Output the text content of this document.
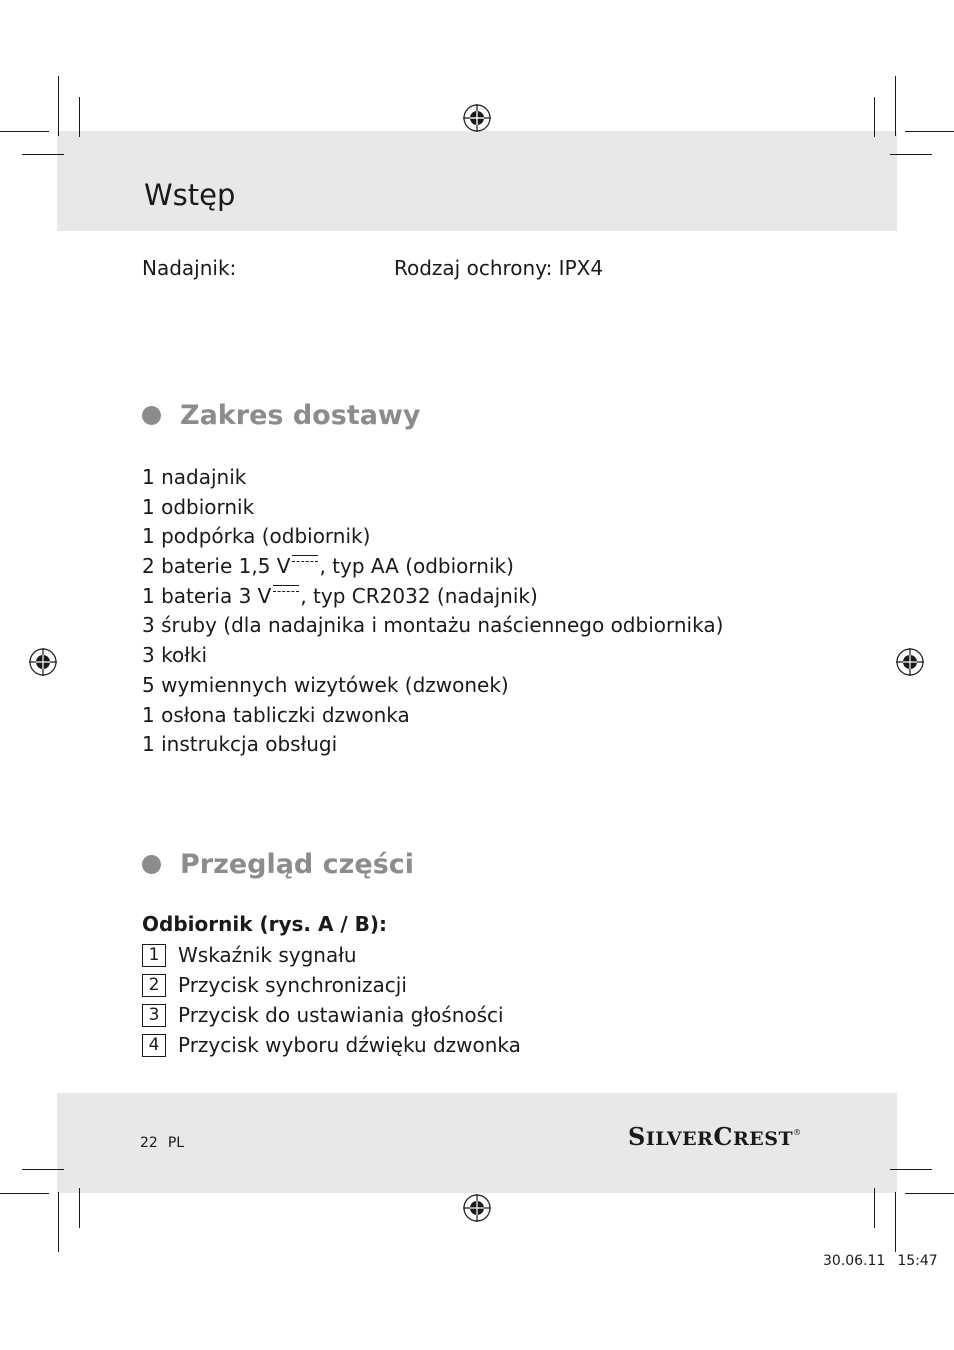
Wstęp
Nadajnik:	Rodzaj ochrony: IPX4
Zakres dostawy
1 nadajnik
1 odbiornik
1 podpórka (odbiornik)
2 baterie 1,5 V , typ AA (odbiornik)
1 bateria 3 V , typ CR2032 (nadajnik)
3 śruby (dla nadajnika i montażu naściennego odbiornika)
3 kołki
5 wymiennych wizytówek (dzwonek)
1 osłona tabliczki dzwonka
1 instrukcja obsługi
Przegląd części
Odbiornik (rys. A / B):
1 Wskaźnik sygnału
2 Przycisk synchronizacji
3 Przycisk do ustawiania głośności
4 Przycisk wyboru dźwięku dzwonka
22 PL	SILVERCREST®
30.06.11 15:47
